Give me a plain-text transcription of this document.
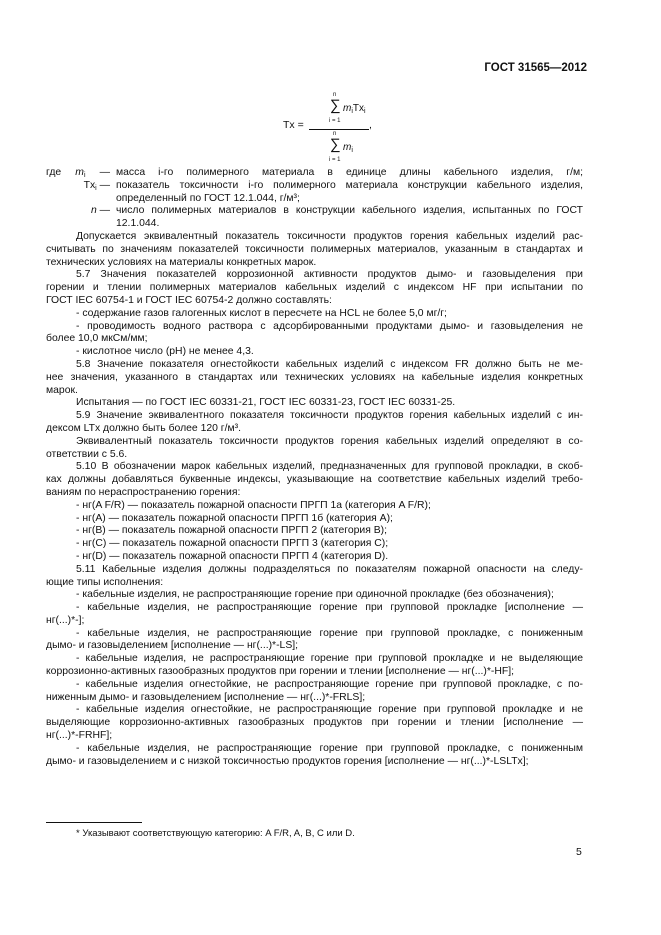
ГОСТ 31565—2012
Tx =
n
∑
i = 1
$m_iTx_i$
n
∑
i = 1
$m_i$
,

где $m_i$ — масса i-го полимерного материала в единице длины кабельного изделия, г/м;

$Tx_i$ — показатель токсичности i-го полимерного материала конструкции кабельного изделия, определенный по ГОСТ 12.1.044, г/м³;

n — число полимерных материалов в конструкции кабельного изделия, испытанных по ГОСТ 12.1.044.

Допускается эквивалентный показатель токсичности продуктов горения кабельных изделий рас-

считывать по значениям показателей токсичности полимерных материалов, указанным в стандартах и

технических условиях на материалы конкретных марок.

5.7 Значения показателей коррозионной активности продуктов дымо- и газовыделения при

горении и тлении полимерных материалов кабельных изделий с индексом HF при испытании по

ГОСТ IEC 60754-1 и ГОСТ IEC 60754-2 должно составлять:

- содержание газов галогенных кислот в пересчете на HCL не более 5,0 мг/г;

- проводимость водного раствора с адсорбированными продуктами дымо- и газовыделения не

более 10,0 мкСм/мм;

- кислотное число (pH) не менее 4,3.

5.8 Значение показателя огнестойкости кабельных изделий с индексом FR должно быть не ме-

нее значения, указанного в стандартах или технических условиях на кабельные изделия конкретных

марок.

Испытания — по ГОСТ IEC 60331-21, ГОСТ IEC 60331-23, ГОСТ IEC 60331-25.

5.9 Значение эквивалентного показателя токсичности продуктов горения кабельных изделий с ин-

дексом LTx должно быть более 120 г/м³.

Эквивалентный показатель токсичности продуктов горения кабельных изделий определяют в со-

ответствии с 5.6.

5.10 В обозначении марок кабельных изделий, предназначенных для групповой прокладки, в скоб-

ках должны добавляться буквенные индексы, указывающие на соответствие кабельных изделий требо-

ваниям по нераспространению горения:

- нг(A F/R) — показатель пожарной опасности ПРГП 1а (категория A F/R);

- нг(A) — показатель пожарной опасности ПРГП 1б (категория A);

- нг(B) — показатель пожарной опасности ПРГП 2 (категория B);

- нг(C) — показатель пожарной опасности ПРГП 3 (категория C);

- нг(D) — показатель пожарной опасности ПРГП 4 (категория D).

5.11 Кабельные изделия должны подразделяться по показателям пожарной опасности на следу-

ющие типы исполнения:

- кабельные изделия, не распространяющие горение при одиночной прокладке (без обозначения);

- кабельные изделия, не распространяющие горение при групповой прокладке [исполнение —

нг(...)*-];

- кабельные изделия, не распространяющие горение при групповой прокладке, с пониженным

дымо- и газовыделением [исполнение — нг(...)*-LS];

- кабельные изделия, не распространяющие горение при групповой прокладке и не выделяющие

коррозионно-активных газообразных продуктов при горении и тлении [исполнение — нг(...)*-HF];

- кабельные изделия огнестойкие, не распространяющие горение при групповой прокладке, с по-

ниженным дымо- и газовыделением [исполнение — нг(...)*-FRLS];

- кабельные изделия огнестойкие, не распространяющие горение при групповой прокладке и не

выделяющие коррозионно-активных газообразных продуктов при горении и тлении [исполнение —

нг(...)*-FRHF];

- кабельные изделия, не распространяющие горение при групповой прокладке, с пониженным

дымо- и газовыделением и с низкой токсичностью продуктов горения [исполнение — нг(...)*-LSLTx];

* Указывают соответствующую категорию: A F/R, A, B, C или D.
5
